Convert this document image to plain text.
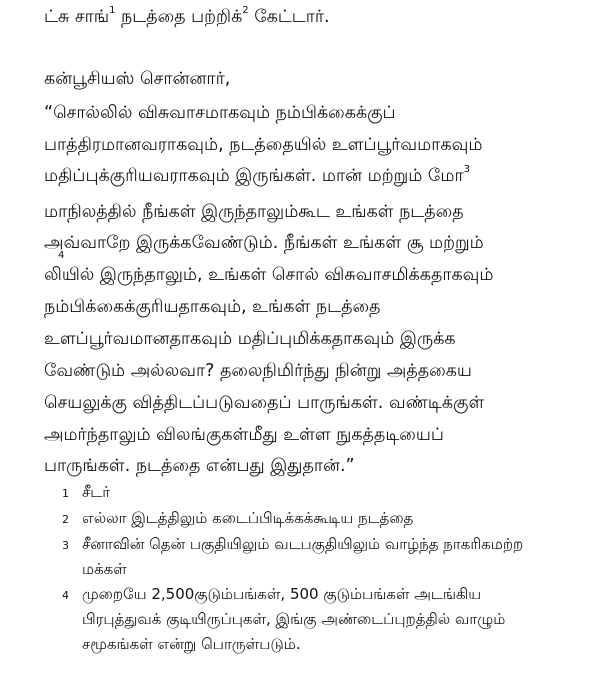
ட்சு சாங்$^1$ நடத்தை பற்றிக்$^2$ கேட்டார்.
கன்பூசியஸ் சொன்னார்,
“சொல்லில் விசுவாசமாகவும் நம்பிக்கைக்குப்
பாத்திரமானவராகவும், நடத்தையில் உளப்பூர்வமாகவும்
மதிப்புக்குரியவராகவும் இருங்கள். மான் மற்றும் மோ$^3$
மாநிலத்தில் நீங்கள் இருந்தாலும்கூட உங்கள் நடத்தை
அவ்வாறே இருக்கவேண்டும். நீங்கள் உங்கள் சூ மற்றும்
4
லியில் இருந்தாலும், உங்கள் சொல் விசுவாசமிக்கதாகவும்
நம்பிக்கைக்குரியதாகவும், உங்கள் நடத்தை
உளப்பூர்வமானதாகவும் மதிப்புமிக்கதாகவும் இருக்க
வேண்டும் அல்லவா? தலைநிமிர்ந்து நின்று அத்தகைய
செயலுக்கு வித்திடப்படுவதைப் பாருங்கள். வண்டிக்குள்
அமர்ந்தாலும் விலங்குகள்மீது உள்ள நுகத்தடியைப்
பாருங்கள். நடத்தை என்பது இதுதான்.”
1 சீடர்
2 எல்லா இடத்திலும் கடைப்பிடிக்கக்கூடிய நடத்தை
3 சீனாவின் தென் பகுதியிலும் வடபகுதியிலும் வாழ்ந்த நாகரிகமற்ற
மக்கள்
4 முறையே 2,500குடும்பங்கள், 500 குடும்பங்கள் அடங்கிய
பிரபுத்துவக் குடியிருப்புகள், இங்கு அண்டைப்புறத்தில் வாழும்
சமூகங்கள் என்று பொருள்படும்.
